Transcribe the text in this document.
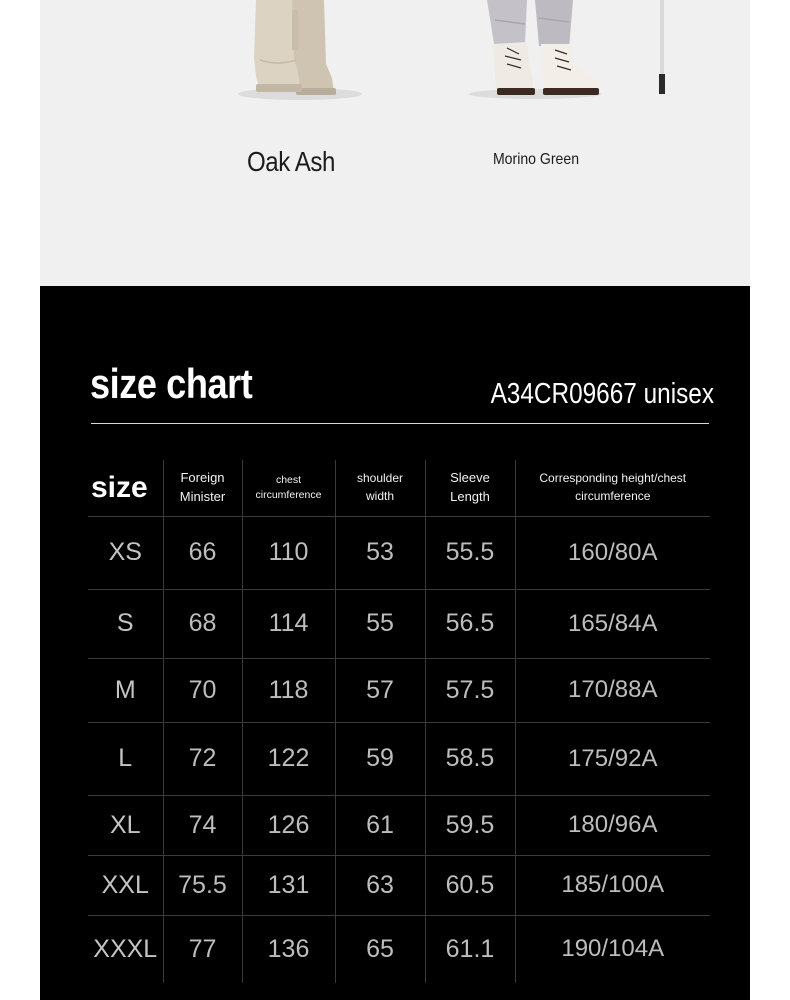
Oak Ash	Morino Green
size chart	A34CR09667 unisex
size	Foreign Minister	chest circumference	shoulder width	Sleeve Length	Corresponding height/chest circumference
XS	66	110	53	55.5	160/80A
S	68	114	55	56.5	165/84A
M	70	118	57	57.5	170/88A
L	72	122	59	58.5	175/92A
XL	74	126	61	59.5	180/96A
XXL	75.5	131	63	60.5	185/100A
XXXL	77	136	65	61.1	190/104A
